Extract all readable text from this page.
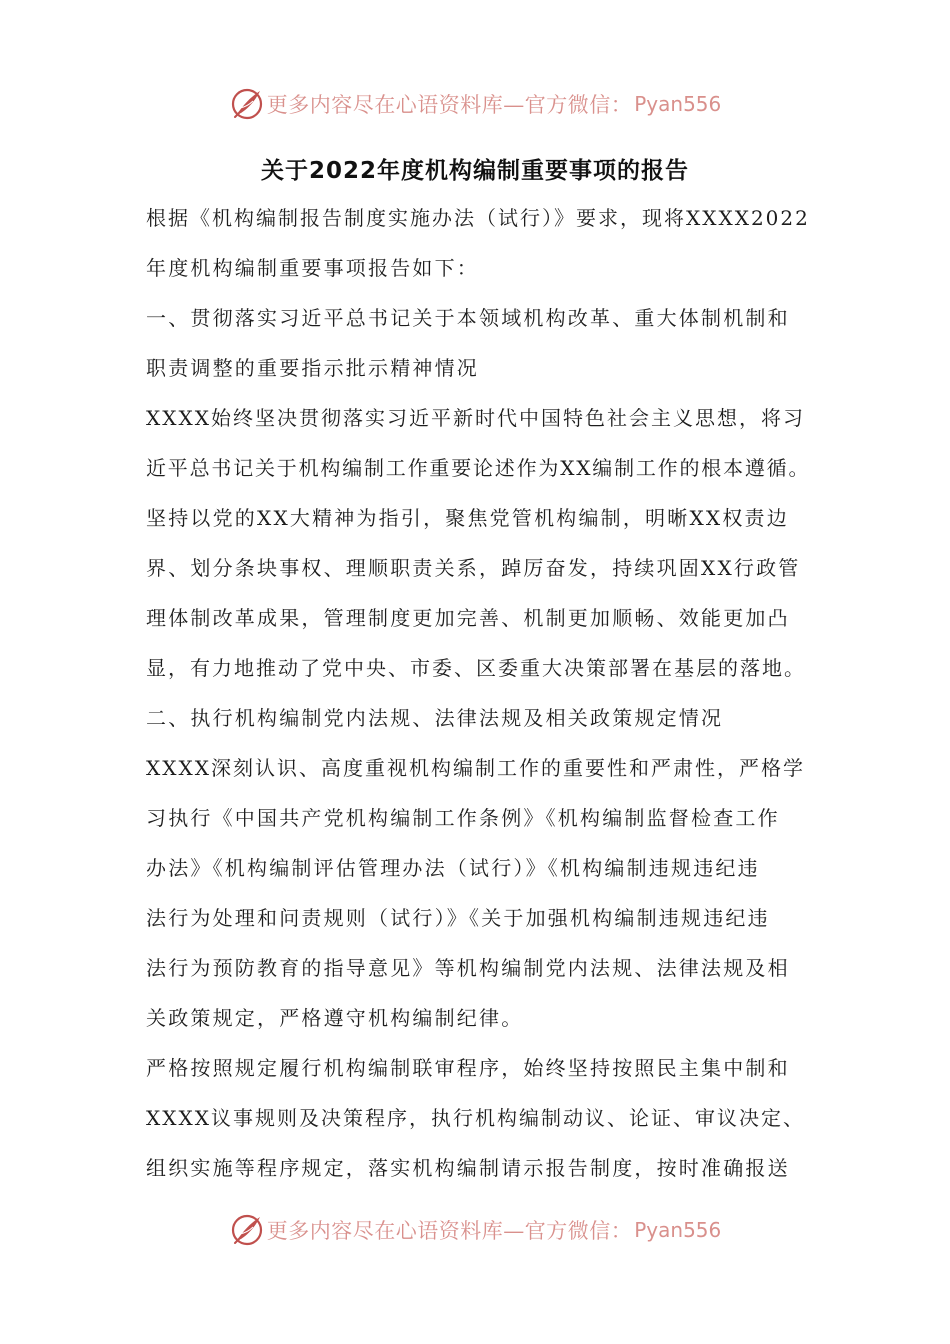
更多内容尽在心语资料库—官方微信： Pyan556
关于2022年度机构编制重要事项的报告
根据《机构编制报告制度实施办法（试行）》要求，现将XXXX2022
年度机构编制重要事项报告如下：
一、贯彻落实习近平总书记关于本领域机构改革、重大体制机制和
职责调整的重要指示批示精神情况
XXXX始终坚决贯彻落实习近平新时代中国特色社会主义思想，将习
近平总书记关于机构编制工作重要论述作为XX编制工作的根本遵循。
坚持以党的XX大精神为指引，聚焦党管机构编制，明晰XX权责边
界、划分条块事权、理顺职责关系，踔厉奋发，持续巩固XX行政管
理体制改革成果，管理制度更加完善、机制更加顺畅、效能更加凸
显，有力地推动了党中央、市委、区委重大决策部署在基层的落地。
二、执行机构编制党内法规、法律法规及相关政策规定情况
XXXX深刻认识、高度重视机构编制工作的重要性和严肃性，严格学
习执行《中国共产党机构编制工作条例》《机构编制监督检查工作
办法》《机构编制评估管理办法（试行）》《机构编制违规违纪违
法行为处理和问责规则（试行）》《关于加强机构编制违规违纪违
法行为预防教育的指导意见》等机构编制党内法规、法律法规及相
关政策规定，严格遵守机构编制纪律。
严格按照规定履行机构编制联审程序，始终坚持按照民主集中制和
XXXX议事规则及决策程序，执行机构编制动议、论证、审议决定、
组织实施等程序规定，落实机构编制请示报告制度，按时准确报送
更多内容尽在心语资料库—官方微信： Pyan556
